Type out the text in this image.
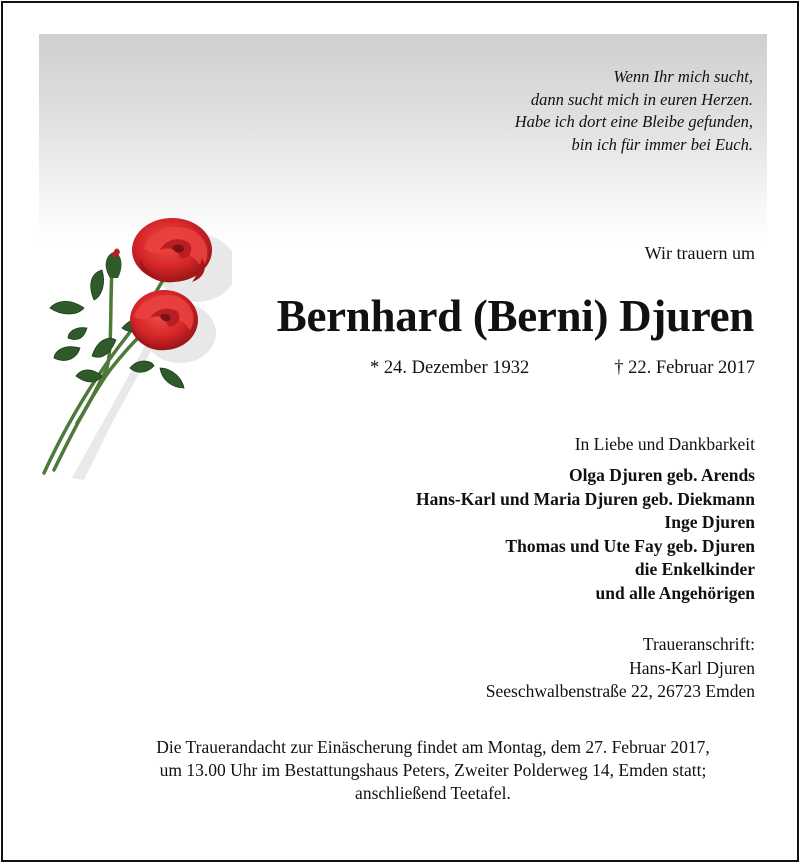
Wenn Ihr mich sucht,
dann sucht mich in euren Herzen.
Habe ich dort eine Bleibe gefunden,
bin ich für immer bei Euch.
Wir trauern um
Bernhard (Berni) Djuren
* 24. Dezember 1932	† 22. Februar 2017
In Liebe und Dankbarkeit
Olga Djuren geb. Arends
Hans-Karl und Maria Djuren geb. Diekmann
Inge Djuren
Thomas und Ute Fay geb. Djuren
die Enkelkinder
und alle Angehörigen
Traueranschrift:
Hans-Karl Djuren
Seeschwalbenstraße 22, 26723 Emden
Die Trauerandacht zur Einäscherung findet am Montag, dem 27. Februar 2017,
um 13.00 Uhr im Bestattungshaus Peters, Zweiter Polderweg 14, Emden statt;
anschließend Teetafel.
